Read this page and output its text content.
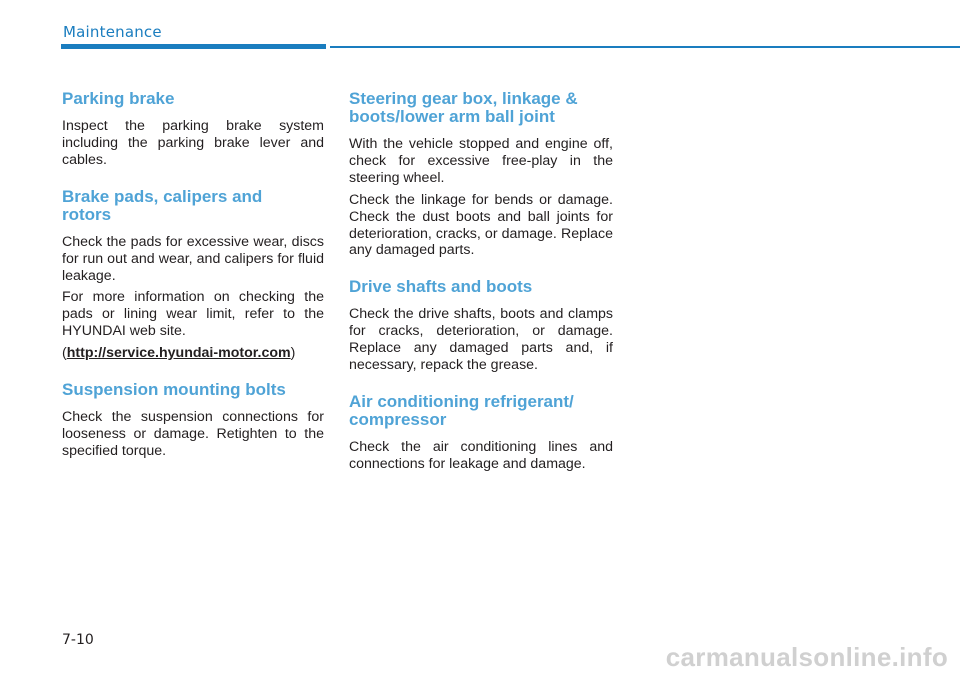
Maintenance
Parking brake

Inspect the parking brake system including the parking brake lever and cables.

Brake pads, calipers and
rotors

Check the pads for excessive wear, discs for run out and wear, and calipers for fluid leakage.

For more information on checking the pads or lining wear limit, refer to the HYUNDAI web site.

(http://service.hyundai-motor.com)

Suspension mounting bolts

Check the suspension connections for looseness or damage. Retighten to the specified torque.

Steering gear box, linkage &
boots/lower arm ball joint

With the vehicle stopped and engine off, check for excessive free-play in the steering wheel.

Check the linkage for bends or damage. Check the dust boots and ball joints for deterioration, cracks, or damage. Replace any damaged parts.

Drive shafts and boots

Check the drive shafts, boots and clamps for cracks, deterioration, or damage. Replace any damaged parts and, if necessary, repack the grease.

Air conditioning refrigerant/
compressor

Check the air conditioning lines and connections for leakage and damage.

7-10
carmanualsonline.info
